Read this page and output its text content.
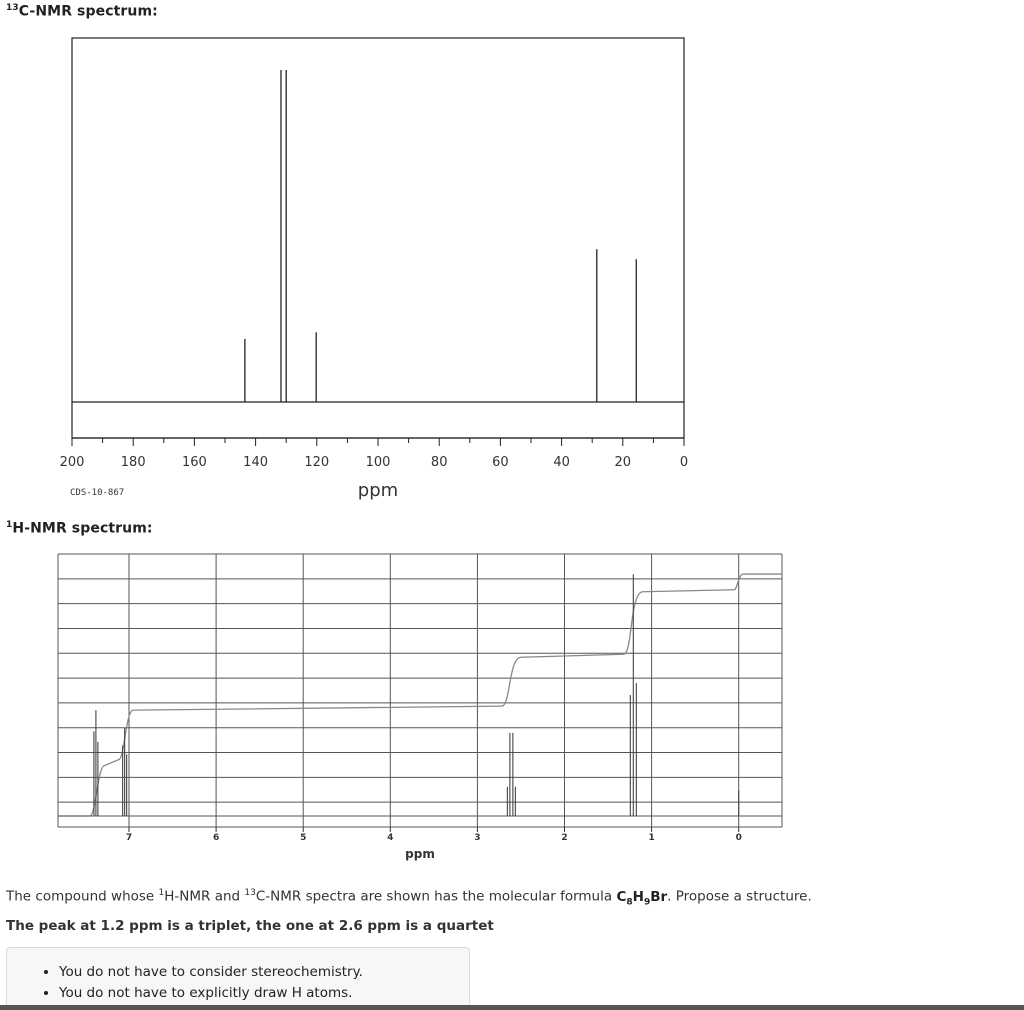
$^{13}$C-NMR spectrum:
200	180	160	140	120	100	80	60	40	20	0
CDS-10-867	ppm
$^1$H-NMR spectrum:
7	6	5	4	3	2	1	0
ppm
The compound whose $^1$H-NMR and $^{13}$C-NMR spectra are shown has the molecular formula $C_8H_9Br$. Propose a structure.
The peak at 1.2 ppm is a triplet, the one at 2.6 ppm is a quartet
• You do not have to consider stereochemistry.
• You do not have to explicitly draw H atoms.
